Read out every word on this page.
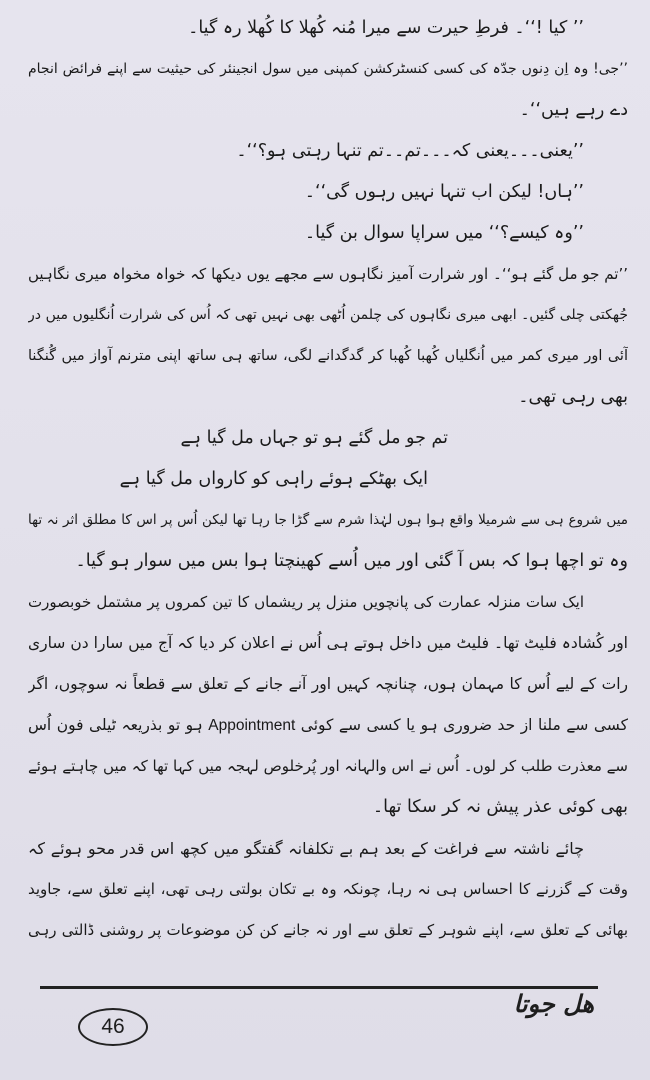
’’ کیا !‘‘۔ فرطِ حیرت سے میرا مُنہ کُھلا کا کُھلا رہ گیا۔
’’جی! وہ اِن دِنوں جدّہ کی کسی کنسٹرکشن کمپنی میں سول انجینئر کی حیثیت سے اپنے فرائض انجام
دے رہے ہیں‘‘۔
’’یعنی۔۔۔یعنی کہ۔۔۔تم۔۔تم تنہا رہتی ہو؟‘‘۔
’’ہاں! لیکن اب تنہا نہیں رہوں گی‘‘۔
’’وہ کیسے؟‘‘ میں سراپا سوال بن گیا۔
’’تم جو مل گئے ہو‘‘۔ اور شرارت آمیز نگاہوں سے مجھے یوں دیکھا کہ خواہ مخواہ میری نگاہیں
جُھکتی چلی گئیں۔ ابھی میری نگاہوں کی چلمن اُٹھی بھی نہیں تھی کہ اُس کی شرارت اُنگلیوں میں در
آئی اور میری کمر میں اُنگلیاں کُھبا کُھبا کر گدگدانے لگی، ساتھ ہی ساتھ اپنی مترنم آواز میں گُنگنا
بھی رہی تھی۔
تم جو مل گئے ہو تو جہاں مل گیا ہے
ایک بھٹکے ہوئے راہی کو کارواں مل گیا ہے
میں شروع ہی سے شرمیلا واقع ہوا ہوں لہٰذا شرم سے گڑا جا رہا تھا لیکن اُس پر اس کا مطلق اثر نہ تھا
وہ تو اچھا ہوا کہ بس آ گئی اور میں اُسے کھینچتا ہوا بس میں سوار ہو گیا۔
ایک سات منزلہ عمارت کی پانچویں منزل پر ریشماں کا تین کمروں پر مشتمل خوبصورت
اور کُشادہ فلیٹ تھا۔ فلیٹ میں داخل ہوتے ہی اُس نے اعلان کر دیا کہ آج میں سارا دن ساری
رات کے لیے اُس کا مہمان ہوں، چنانچہ کہیں اور آنے جانے کے تعلق سے قطعاً نہ سوچوں، اگر
کسی سے ملنا از حد ضروری ہو یا کسی سے کوئی Appointment ہو تو بذریعہ ٹیلی فون اُس
سے معذرت طلب کر لوں۔ اُس نے اس والہانہ اور پُرخلوص لہجہ میں کہا تھا کہ میں چاہتے ہوئے
بھی کوئی عذر پیش نہ کر سکا تھا۔
چائے ناشتہ سے فراغت کے بعد ہم بے تکلفانہ گفتگو میں کچھ اس قدر محو ہوئے کہ
وقت کے گزرنے کا احساس ہی نہ رہا، چونکہ وہ بے تکان بولتی رہی تھی، اپنے تعلق سے، جاوید
بھائی کے تعلق سے، اپنے شوہر کے تعلق سے اور نہ جانے کن کن موضوعات پر روشنی ڈالتی رہی
ھل جوتا
46
